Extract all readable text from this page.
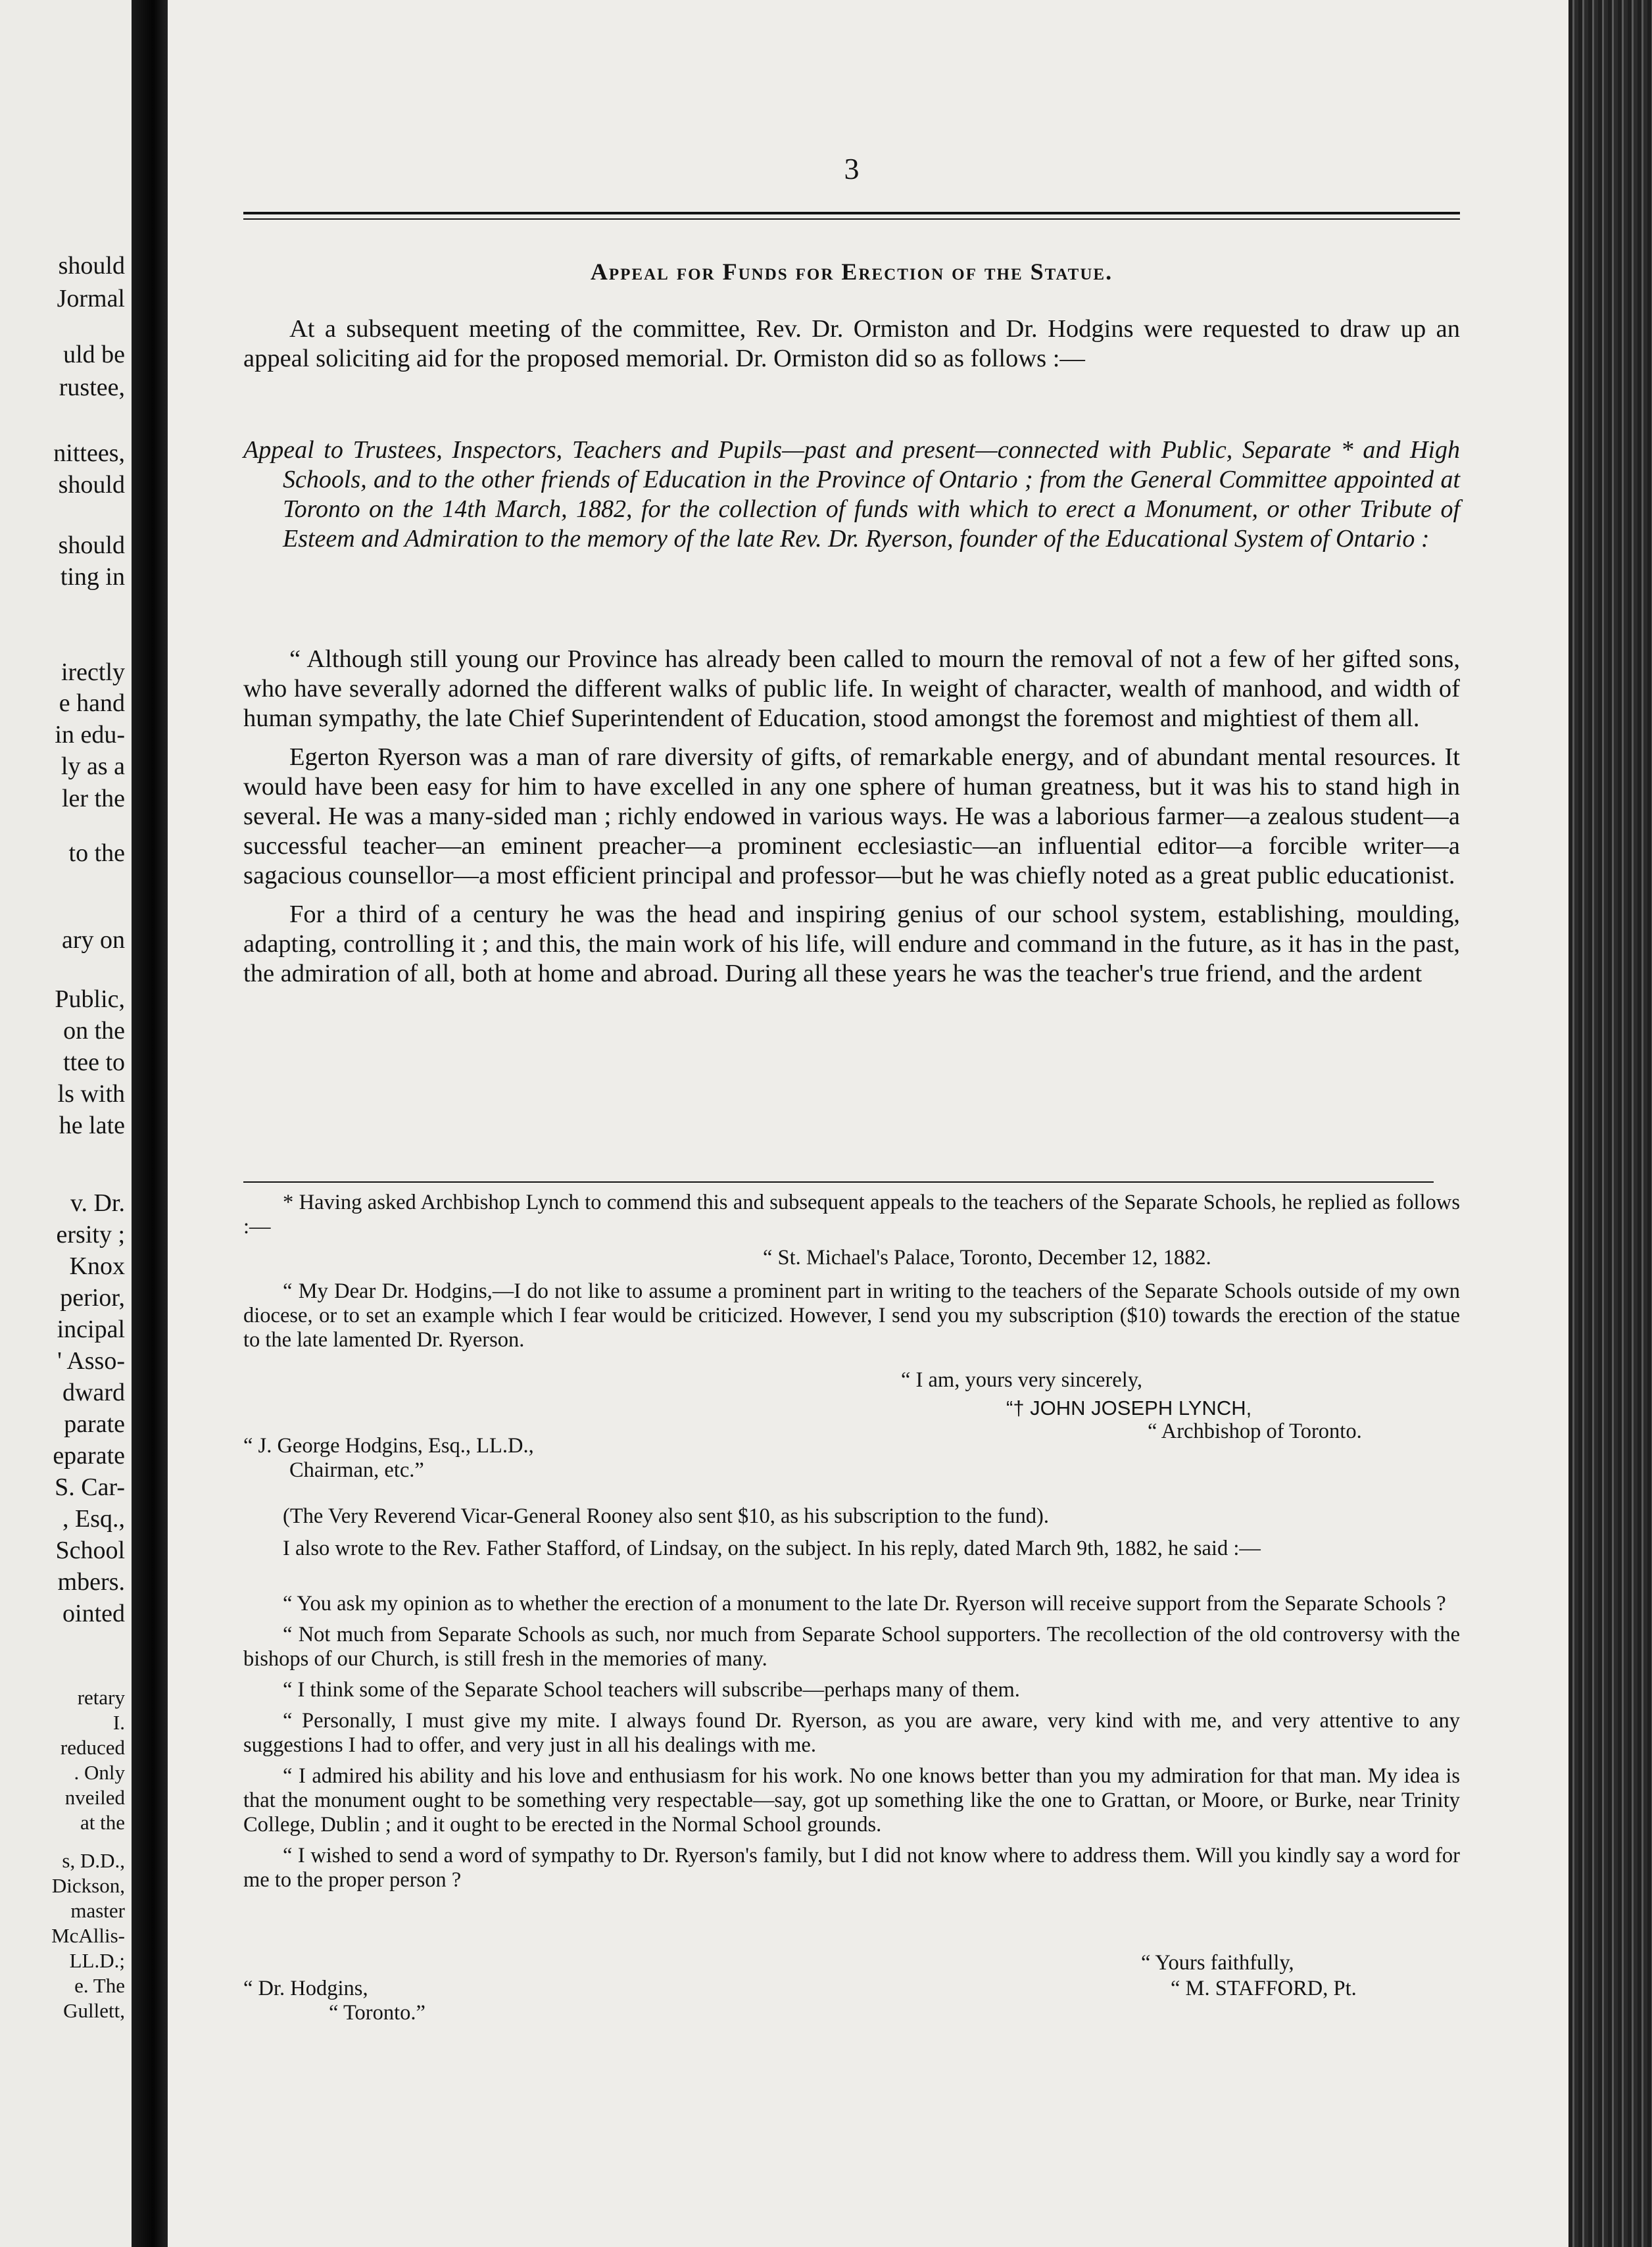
should
Jormal
uld be
rustee,
nittees,
should
should
ting in
irectly
e hand
in edu-
ly as a
ler the
to the
ary on
Public,
on the
ttee to
ls with
he late
v. Dr.
ersity ;
Knox
perior,
incipal
' Asso-
dward
parate
eparate
S. Car-
, Esq.,
School
mbers.
ointed
retary
I.
reduced
. Only
nveiled
at the
s, D.D.,
Dickson,
master
McAllis-
LL.D.;
e. The
Gullett,
3
Appeal for Funds for Erection of the Statue.

At a subsequent meeting of the committee, Rev. Dr. Ormiston and Dr. Hodgins were requested to draw up an appeal soliciting aid for the proposed memorial. Dr. Ormiston did so as follows :—

Appeal to Trustees, Inspectors, Teachers and Pupils—past and present—connected with Public, Separate * and High Schools, and to the other friends of Education in the Province of Ontario ; from the General Committee appointed at Toronto on the 14th March, 1882, for the collection of funds with which to erect a Monument, or other Tribute of Esteem and Admiration to the memory of the late Rev. Dr. Ryerson, founder of the Educational System of Ontario :

“ Although still young our Province has already been called to mourn the removal of not a few of her gifted sons, who have severally adorned the different walks of public life. In weight of character, wealth of manhood, and width of human sympathy, the late Chief Superintendent of Education, stood amongst the foremost and mightiest of them all.

Egerton Ryerson was a man of rare diversity of gifts, of remarkable energy, and of abundant mental resources. It would have been easy for him to have excelled in any one sphere of human greatness, but it was his to stand high in several. He was a many-sided man ; richly endowed in various ways. He was a laborious farmer—a zealous student—a successful teacher—an eminent preacher—a prominent ecclesiastic—an influential editor—a forcible writer—a sagacious counsellor—a most efficient principal and professor—but he was chiefly noted as a great public educationist.

For a third of a century he was the head and inspiring genius of our school system, establishing, moulding, adapting, controlling it ; and this, the main work of his life, will endure and command in the future, as it has in the past, the admiration of all, both at home and abroad. During all these years he was the teacher's true friend, and the ardent

* Having asked Archbishop Lynch to commend this and subsequent appeals to the teachers of the Separate Schools, he replied as follows :—

“ St. Michael's Palace, Toronto, December 12, 1882.

“ My Dear Dr. Hodgins,—I do not like to assume a prominent part in writing to the teachers of the Separate Schools outside of my own diocese, or to set an example which I fear would be criticized. However, I send you my subscription ($10) towards the erection of the statue to the late lamented Dr. Ryerson.

“ I am, yours very sincerely,
“† JOHN JOSEPH LYNCH,
“ Archbishop of Toronto.
“ J. George Hodgins, Esq., LL.D.,
Chairman, etc.”

(The Very Reverend Vicar-General Rooney also sent $10, as his subscription to the fund).

I also wrote to the Rev. Father Stafford, of Lindsay, on the subject. In his reply, dated March 9th, 1882, he said :—

“ You ask my opinion as to whether the erection of a monument to the late Dr. Ryerson will receive support from the Separate Schools ?

“ Not much from Separate Schools as such, nor much from Separate School supporters. The recollection of the old controversy with the bishops of our Church, is still fresh in the memories of many.

“ I think some of the Separate School teachers will subscribe—perhaps many of them.

“ Personally, I must give my mite. I always found Dr. Ryerson, as you are aware, very kind with me, and very attentive to any suggestions I had to offer, and very just in all his dealings with me.

“ I admired his ability and his love and enthusiasm for his work. No one knows better than you my admiration for that man. My idea is that the monument ought to be something very respectable—say, got up something like the one to Grattan, or Moore, or Burke, near Trinity College, Dublin ; and it ought to be erected in the Normal School grounds.

“ I wished to send a word of sympathy to Dr. Ryerson's family, but I did not know where to address them. Will you kindly say a word for me to the proper person ?

“ Yours faithfully,
“ M. STAFFORD, Pt.
“ Dr. Hodgins,
“ Toronto.”
